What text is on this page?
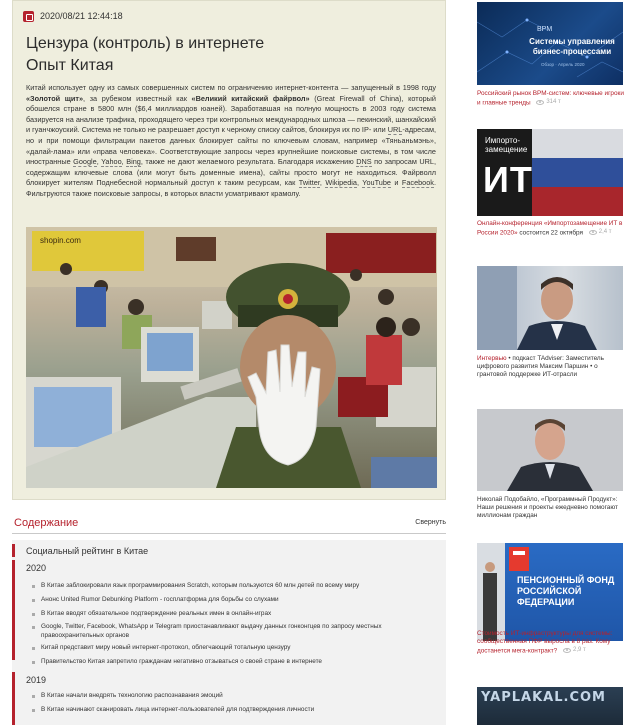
2020/08/21 12:44:18
Цензура (контроль) в интернете
Опыт Китая

Китай использует одну из самых совершенных систем по ограничению интернет-контента — запущенный в 1998 году «Золотой щит», за рубежом известный как «Великий китайский файрвол» (Great Firewall of China), который обошелся стране в 5800 млн ($6,4 миллиардов юаней). Заработавшая на полную мощность в 2003 году система базируется на анализе трафика, проходящего через три контрольных международных шлюза — пекинский, шанхайский и гуанчжоуский. Система не только не разрешает доступ к черному списку сайтов, блокируя их по IP- или URL-адресам, но и при помощи фильтрации пакетов данных блокирует сайты по ключевым словам, например «Тяньаньмэнь», «далай-лама» или «права человека». Соответствующие запросы через крупнейшие поисковые системы, в том числе иностранные Google, Yahoo, Bing, также не дают желаемого результата. Благодаря искажению DNS по запросам URL, содержащим ключевые слова (или могут быть доменные имена), сайты просто могут не находиться. Файрволл блокирует жителям Поднебесной нормальный доступ к таким ресурсам, как Twitter, Wikipedia, YouTube и Facebook. Фильтруются также поисковые запросы, в которых власти усматривают крамолу.

shopin.com
Содержание	Свернуть
Социальный рейтинг в Китае
2020
В Китае заблокировали язык программирования Scratch, которым пользуются 60 млн детей по всему миру
Анонс United Rumor Debunking Platform - госплатформа для борьбы со слухами
В Китае вводят обязательное подтверждение реальных имен в онлайн-играх
Google, Twitter, Facebook, WhatsApp и Telegram приостанавливают выдачу данных гонконгцев по запросу местных правоохранительных органов
Китай представит миру новый интернет-протокол, облегчающий тотальную цензуру
Правительство Китая запретило гражданам негативно отзываться о своей стране в интернете
2019
В Китае начали внедрять технологию распознавания эмоций
В Китае начинают сканировать лица интернет-пользователей для подтверждения личности
BPM
Системы управления бизнес-процессами
Обзор · Апрель 2020
Российский рынок BPM-систем: ключевые игроки и главные тренды	314 т
Импорто-
замещение
ИТ
Онлайн-конференция «Импортозамещение ИТ в России 2020» состоится 22 октября	2,4 т
Интервью • подкаст TAdviser: Заместитель цифрового развития Максим Паршин • о грантовой поддержке ИТ-отрасли
Николай Подобайло, «Программный Продукт»: Наши решения и проекты ежедневно помогают миллионам граждан
ПЕНСИОННЫЙ ФОНД
РОССИЙСКОЙ
ФЕДЕРАЦИИ
Стоимость ИТ-инфраструктуры для системы: сообщественная ПФР выросла в 8 раз. Кому достанется мега-контракт?	2,9 т
YAPLAKAL.COM
